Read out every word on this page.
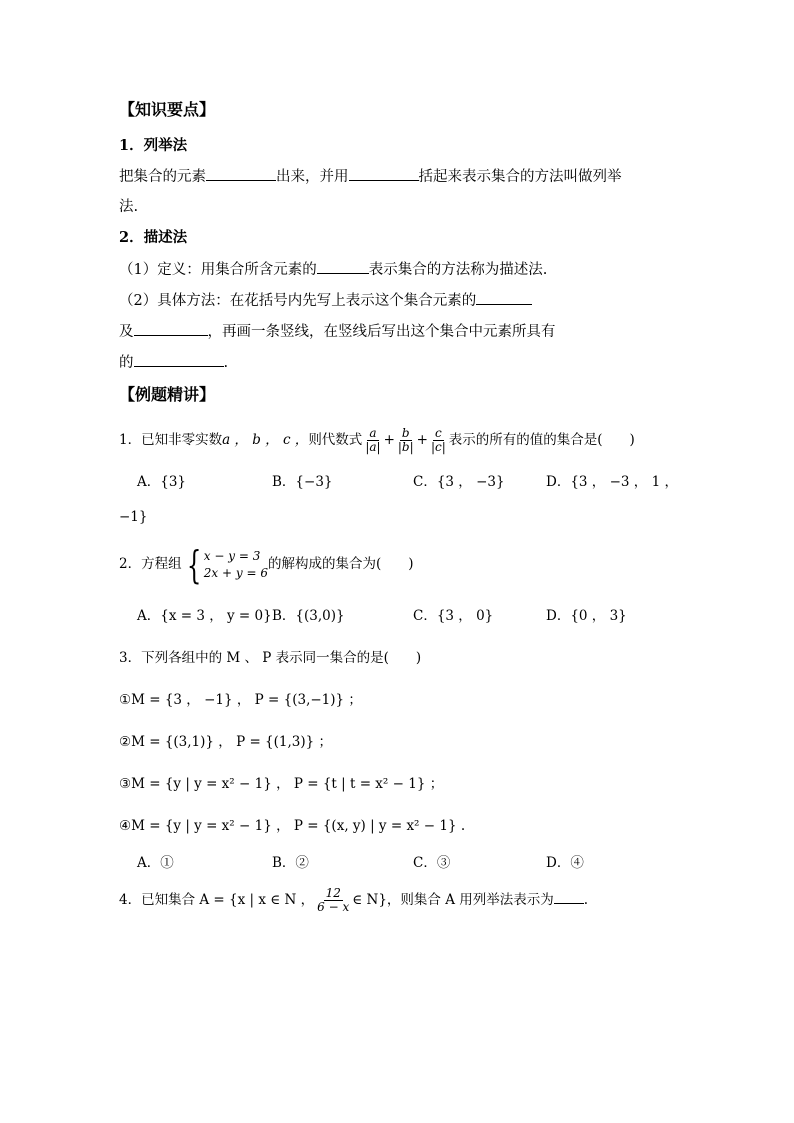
【知识要点】
1．列举法
把集合的元素	出来，并用	括起来表示集合的方法叫做列举
法.
2．描述法
（1）定义：用集合所含元素的	表示集合的方法称为描述法.
（2）具体方法：在花括号内先写上表示这个集合元素的
及	，再画一条竖线，在竖线后写出这个集合中元素所具有
的	.
【例题精讲】
1．已知非零实数a ， b ， c ，则代数式 $\frac{a}{|a|} + \frac{b}{|b|} + \frac{c}{|c|}$ 表示的所有的值的集合是(　　)
A．{3}	B．{−3}	C．{3 ， −3}	D．{3 ， −3 ， 1 ，
−1}
2．方程组 { x − y = 3
2x + y = 6
的解构成的集合为(　　)
A．{x = 3 ， y = 0} B．{(3,0)}	C．{3 ， 0}	D．{0 ， 3}
3．下列各组中的 M 、 P 表示同一集合的是(　　)
①M = {3 ， −1} ， P = {(3,−1)} ；
②M = {(3,1)} ， P = {(1,3)} ；
③M = {y | y = x² − 1} ， P = {t | t = x² − 1} ；
④M = {y | y = x² − 1} ， P = {(x, y) | y = x² − 1} .
A．①	B．②	C．③	D．④
4．已知集合 A = {x | x ∈ N ， $\frac{12}{6 - x}$ ∈ N}，则集合 A 用列举法表示为 .
